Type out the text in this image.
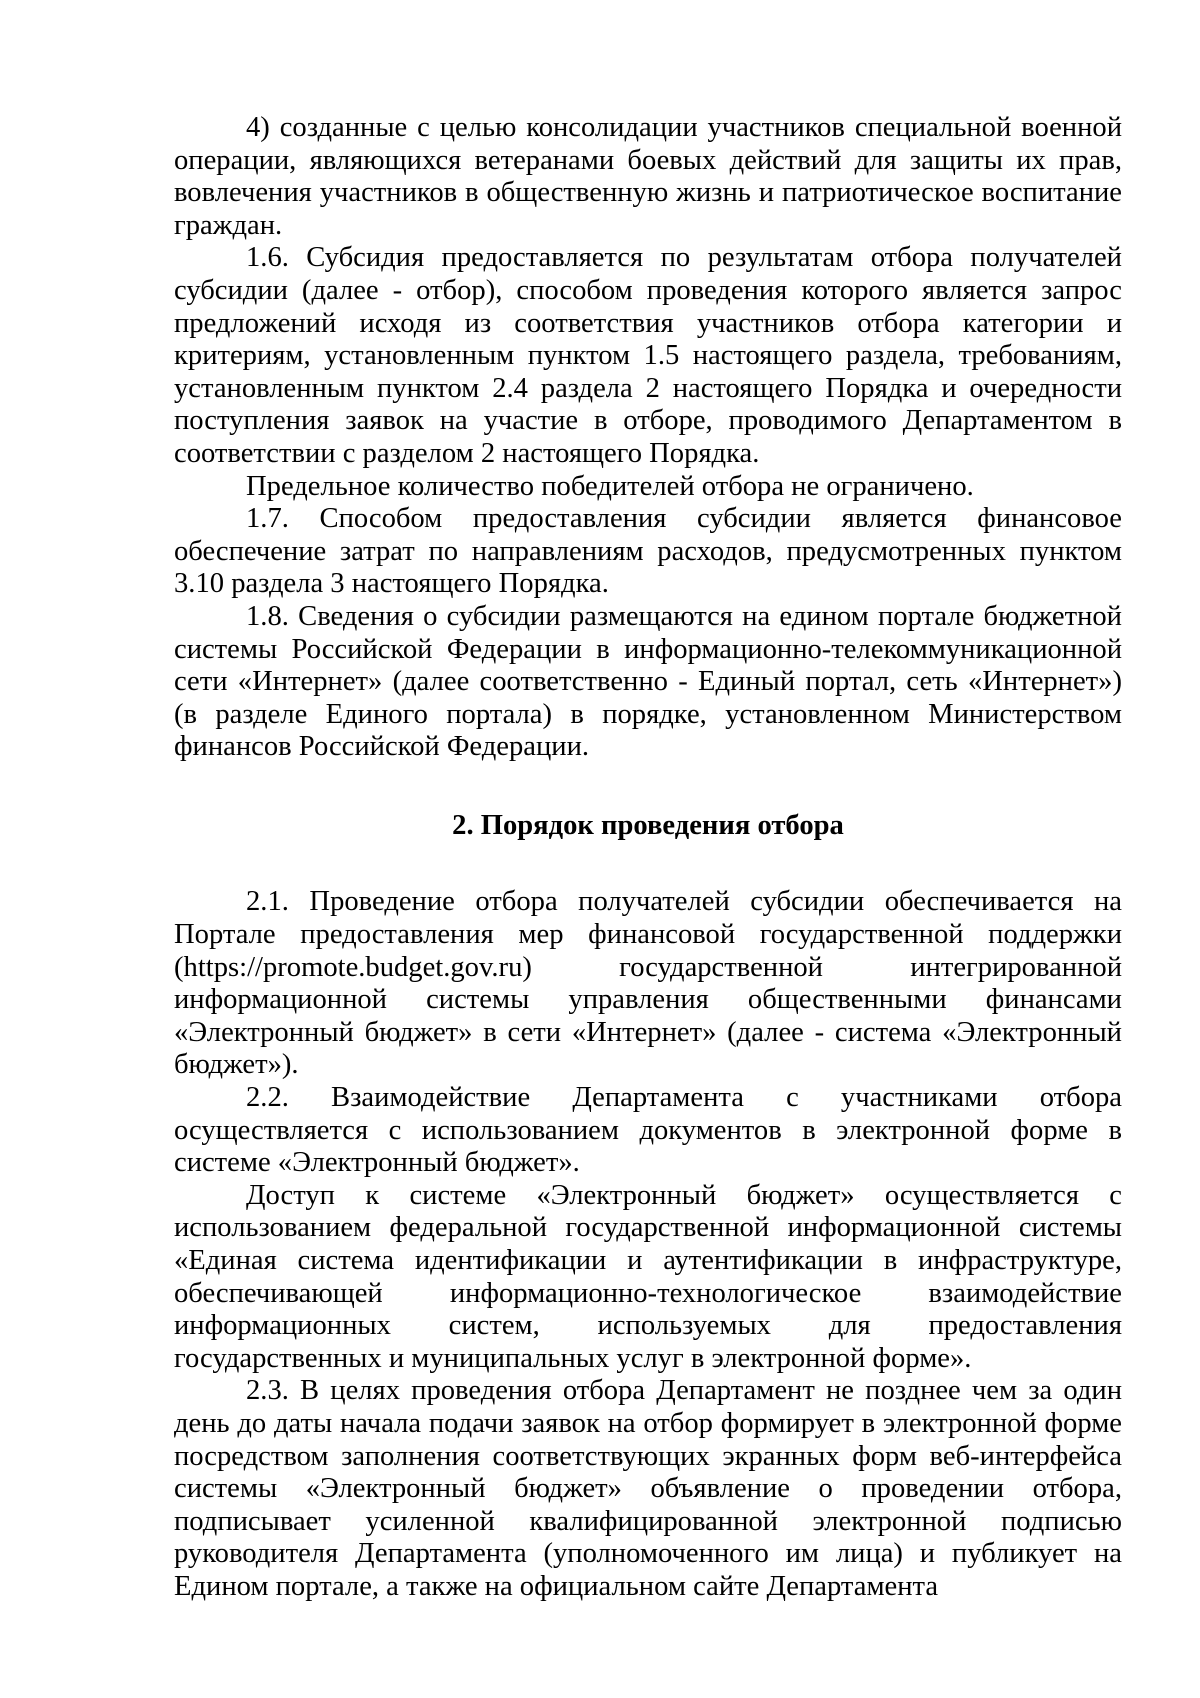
4) созданные с целью консолидации участников специальной военной операции, являющихся ветеранами боевых действий для защиты их прав, вовлечения участников в общественную жизнь и патриотическое воспитание граждан.

1.6. Субсидия предоставляется по результатам отбора получателей субсидии (далее - отбор), способом проведения которого является запрос предложений исходя из соответствия участников отбора категории и критериям, установленным пунктом 1.5 настоящего раздела, требованиям, установленным пунктом 2.4 раздела 2 настоящего Порядка и очередности поступления заявок на участие в отборе, проводимого Департаментом в соответствии с разделом 2 настоящего Порядка.

Предельное количество победителей отбора не ограничено.

1.7. Способом предоставления субсидии является финансовое обеспечение затрат по направлениям расходов, предусмотренных пунктом 3.10 раздела 3 настоящего Порядка.

1.8. Сведения о субсидии размещаются на едином портале бюджетной системы Российской Федерации в информационно-телекоммуникационной сети «Интернет» (далее соответственно - Единый портал, сеть «Интернет») (в разделе Единого портала) в порядке, установленном Министерством финансов Российской Федерации.

2. Порядок проведения отбора

2.1. Проведение отбора получателей субсидии обеспечивается на Портале предоставления мер финансовой государственной поддержки (https://promote.budget.gov.ru) государственной интегрированной информационной системы управления общественными финансами «Электронный бюджет» в сети «Интернет» (далее - система «Электронный бюджет»).

2.2. Взаимодействие Департамента с участниками отбора осуществляется с использованием документов в электронной форме в системе «Электронный бюджет».

Доступ к системе «Электронный бюджет» осуществляется с использованием федеральной государственной информационной системы «Единая система идентификации и аутентификации в инфраструктуре, обеспечивающей информационно-технологическое взаимодействие информационных систем, используемых для предоставления государственных и муниципальных услуг в электронной форме».

2.3. В целях проведения отбора Департамент не позднее чем за один день до даты начала подачи заявок на отбор формирует в электронной форме посредством заполнения соответствующих экранных форм веб-интерфейса системы «Электронный бюджет» объявление о проведении отбора, подписывает усиленной квалифицированной электронной подписью руководителя Департамента (уполномоченного им лица) и публикует на Едином портале, а также на официальном сайте Департамента
